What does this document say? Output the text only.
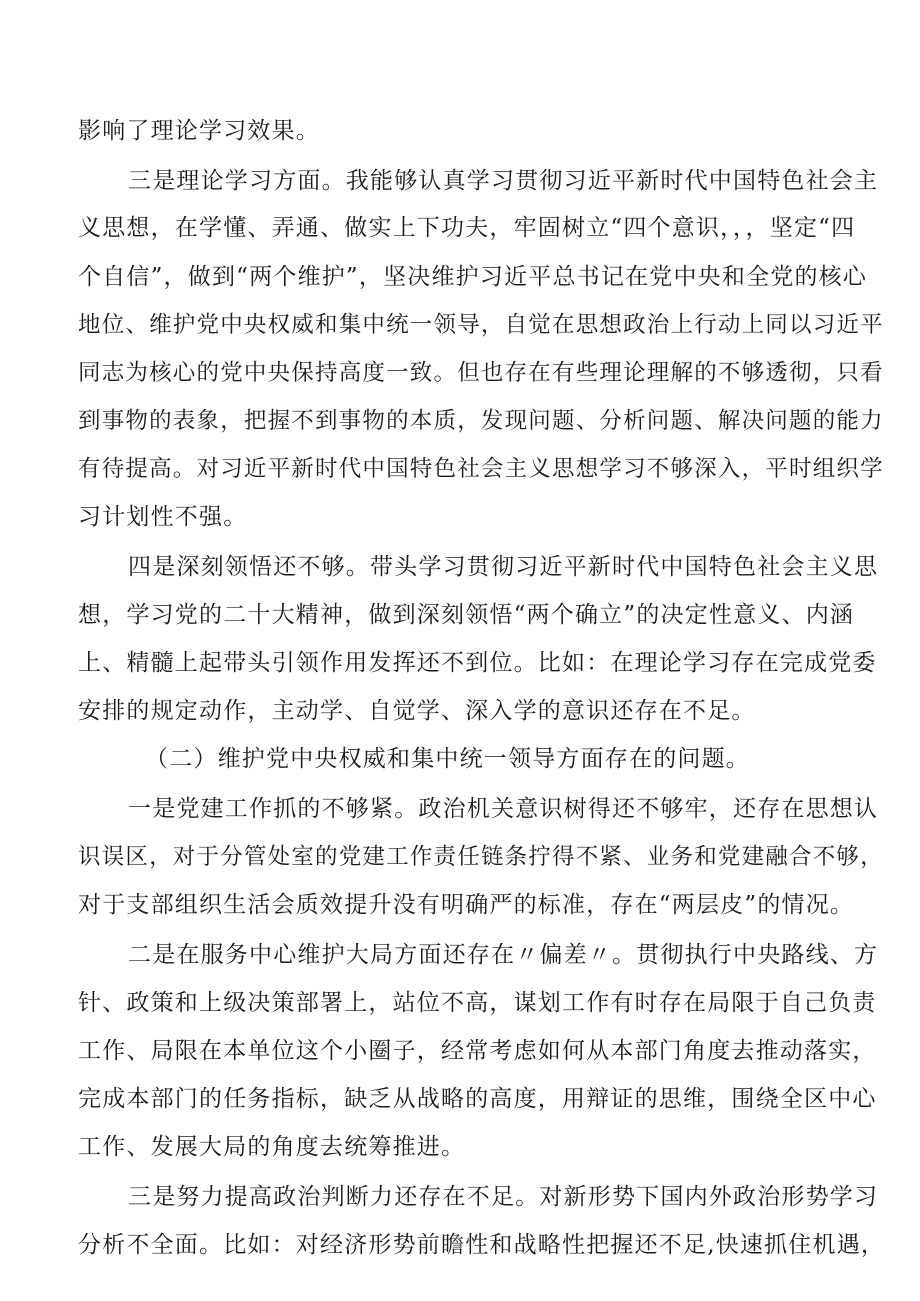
影响了理论学习效果。

三是理论学习方面。我能够认真学习贯彻习近平新时代中国特色社会主

义思想，在学懂、弄通、做实上下功夫，牢固树立“四个意识，，，坚定“四

个自信”，做到“两个维护”，坚决维护习近平总书记在党中央和全党的核心

地位、维护党中央权威和集中统一领导，自觉在思想政治上行动上同以习近平

同志为核心的党中央保持高度一致。但也存在有些理论理解的不够透彻，只看

到事物的表象，把握不到事物的本质，发现问题、分析问题、解决问题的能力

有待提高。对习近平新时代中国特色社会主义思想学习不够深入，平时组织学

习计划性不强。

四是深刻领悟还不够。带头学习贯彻习近平新时代中国特色社会主义思

想，学习党的二十大精神，做到深刻领悟“两个确立”的决定性意义、内涵

上、精髓上起带头引领作用发挥还不到位。比如：在理论学习存在完成党委

安排的规定动作，主动学、自觉学、深入学的意识还存在不足。

（二）维护党中央权威和集中统一领导方面存在的问题。

一是党建工作抓的不够紧。政治机关意识树得还不够牢，还存在思想认

识误区，对于分管处室的党建工作责任链条拧得不紧、业务和党建融合不够，

对于支部组织生活会质效提升没有明确严的标准，存在“两层皮”的情况。

二是在服务中心维护大局方面还存在〃偏差〃。贯彻执行中央路线、方

针、政策和上级决策部署上，站位不高，谋划工作有时存在局限于自己负责

工作、局限在本单位这个小圈子，经常考虑如何从本部门角度去推动落实，

完成本部门的任务指标，缺乏从战略的高度，用辩证的思维，围绕全区中心

工作、发展大局的角度去统筹推进。

三是努力提高政治判断力还存在不足。对新形势下国内外政治形势学习

分析不全面。比如：对经济形势前瞻性和战略性把握还不足,快速抓住机遇，
